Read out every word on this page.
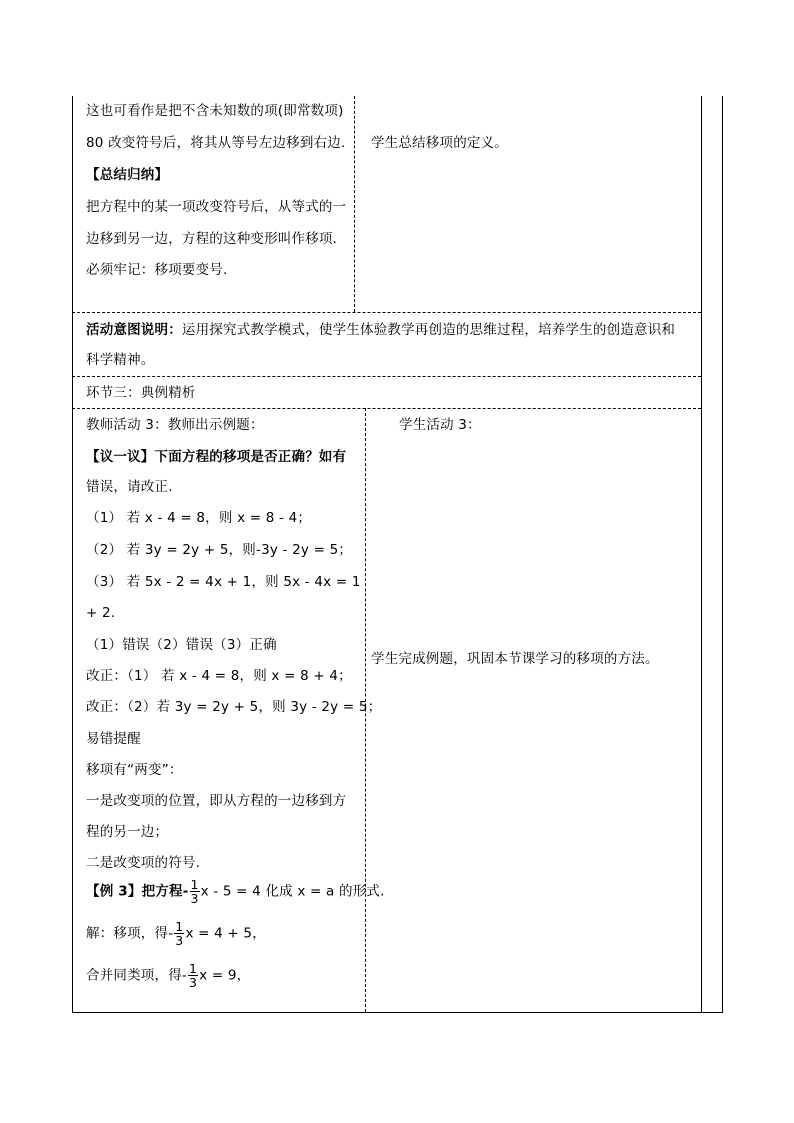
这也可看作是把不含未知数的项(即常数项)
80 改变符号后，将其从等号左边移到右边.
【总结归纳】
把方程中的某一项改变符号后，从等式的一
边移到另一边，方程的这种变形叫作移项.
必须牢记：移项要变号.
学生总结移项的定义。
活动意图说明：运用探究式教学模式，使学生体验教学再创造的思维过程，培养学生的创造意识和
科学精神。
环节三：典例精析
教师活动 3：教师出示例题：
【议一议】下面方程的移项是否正确？如有
错误，请改正.
（1） 若 x - 4 = 8，则 x = 8 - 4；
（2） 若 3y = 2y + 5，则-3y - 2y = 5；
（3） 若 5x - 2 = 4x + 1，则 5x - 4x = 1
+ 2.
（1）错误（2）错误（3）正确
改正：（1） 若 x - 4 = 8，则 x = 8 + 4；
改正：（2）若 3y = 2y + 5，则 3y - 2y = 5；
易错提醒
移项有“两变”：
一是改变项的位置，即从方程的一边移到方
程的另一边；
二是改变项的符号.
【例 3】把方程- $\frac{1}{3}$ x - 5 = 4 化成 x = a 的形式.
解：移项，得- $\frac{1}{3}$ x = 4 + 5，
合并同类项，得- $\frac{1}{3}$ x = 9，
学生活动 3：
学生完成例题，巩固本节课学习的移项的方法。
